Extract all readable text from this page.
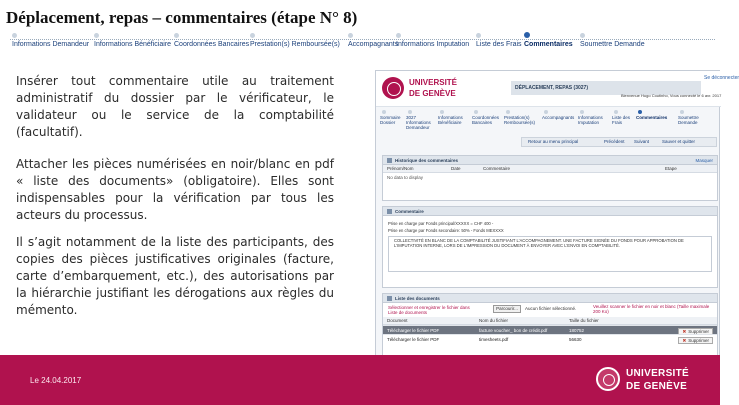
Déplacement, repas – commentaires (étape N° 8)
Informations Demandeur Informations Bénéficiaire Coordonnées Bancaires Prestation(s) Remboursée(s) Accompagnants
Informations Imputation Liste des Frais Commentaires Soumettre Demande
Insérer tout commentaire utile au traitement administratif du dossier par le vérificateur, le validateur ou le service de la comptabilité (facultatif).
Attacher les pièces numérisées en noir/blanc en pdf « liste des documents» (obligatoire). Elles sont indispensables pour la vérification par tous les acteurs du processus.
Il s’agit notamment de la liste des participants, des copies des pièces justificatives originales (facture, carte d’embarquement, etc.), des autorisations par la hiérarchie justifiant les dérogations aux règles du mémento.
UNIVERSITÉ
DE GENÈVE
DÉPLACEMENT, REPAS (3027)
Se déconnecter
Bienvenue Hugo Coutinho, Vous connecté le 6 avr. 2017
Sommaire Dossier
3027 Informations Demandeur
Informations Bénéficiaire
Coordonnées Bancaires
Prestation(s) Remboursée(s)
Accompagnants Informations Imputation
Liste des Frais
Commentaires	Soumettre Demande
Retour au menu principal	Précédent Suivant	Sauver et quitter
Historique des commentaires	Masquer
Prénom/Nom	Date	Commentaire	Etape
No data to display
Commentaire
Prise en charge par Fonds principal/XXXXX = CHF 400 -
Prise en charge par Fonds secondaire: 50% - Fonds MEXXXX
COLLECTIVITÉ EN BLANC DE LA COMPTABILITÉ JUSTIFIANT L’ACCOMPAGNEMENT. UNE FACTURE SIGNÉE DU FONDS POUR APPROBATION DE L’IMPUTATION INTERNE, LORS DE L’IMPRESSION DU DOCUMENT À ENVOYER AVEC L’ENVOI EN COMPTABILITÉ.
Liste des documents
Sélectionner et enregistrer le fichier dans Liste de documents
Parcourir...	Aucun fichier sélectionné.	Veuillez scanner le fichier en noir et blanc (Taille maximale 200 Ko)
Document	Nom du fichier	Taille du fichier
Télécharger le fichier PDF	facture voucher_ bon de crédit.pdf	180752	✖ Supprimer
Télécharger le fichier PDF	timesheets.pdf	56630	✖ Supprimer
Le 24.04.2017
UNIVERSITÉ
DE GENÈVE
